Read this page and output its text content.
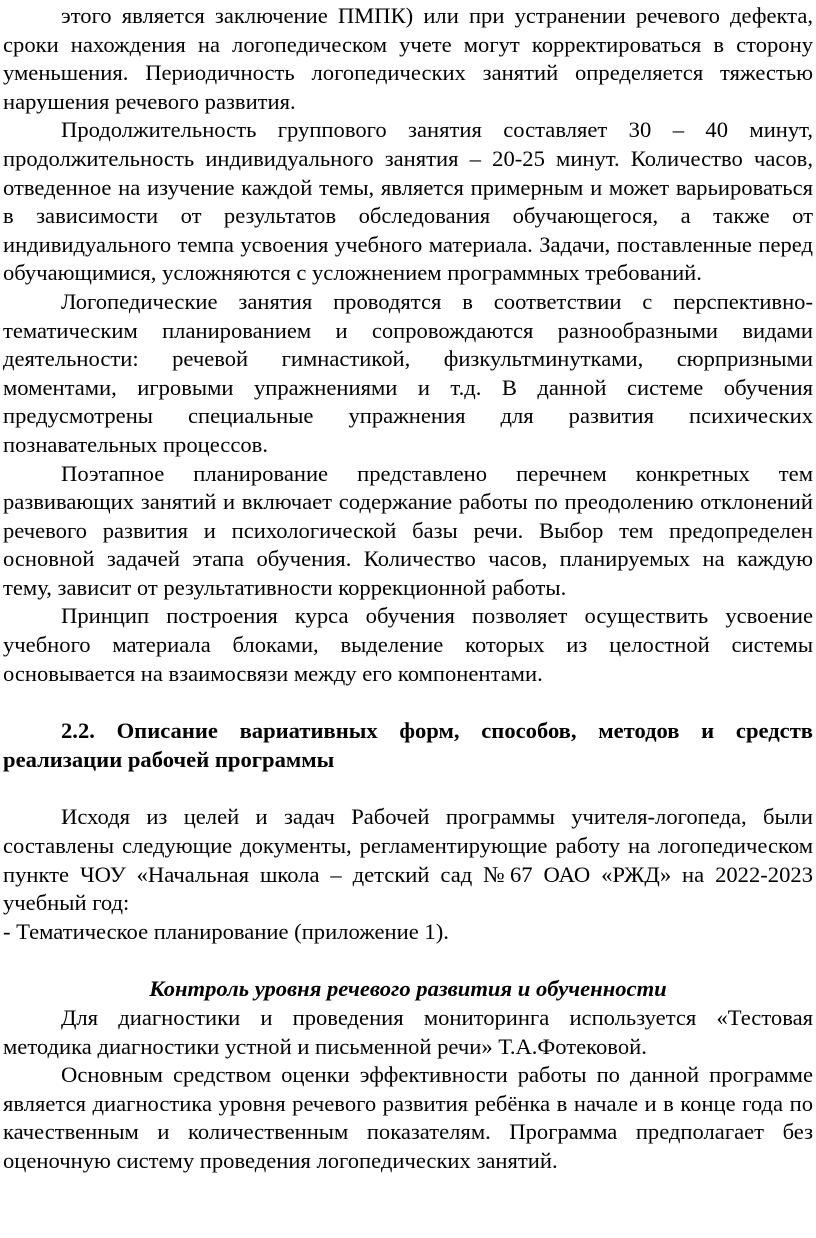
этого является заключение ПМПК) или при устранении речевого дефекта, сроки нахождения на логопедическом учете могут корректироваться в сторону уменьшения. Периодичность логопедических занятий определяется тяжестью нарушения речевого развития.

Продолжительность группового занятия составляет 30 – 40 минут, продолжительность индивидуального занятия – 20-25 минут. Количество часов, отведенное на изучение каждой темы, является примерным и может варьироваться в зависимости от результатов обследования обучающегося, а также от индивидуального темпа усвоения учебного материала. Задачи, поставленные перед обучающимися, усложняются с усложнением программных требований.

Логопедические занятия проводятся в соответствии с перспективно-тематическим планированием и сопровождаются разнообразными видами деятельности: речевой гимнастикой, физкультминутками, сюрпризными моментами, игровыми упражнениями и т.д. В данной системе обучения предусмотрены специальные упражнения для развития психических познавательных процессов.

Поэтапное планирование представлено перечнем конкретных тем развивающих занятий и включает содержание работы по преодолению отклонений речевого развития и психологической базы речи. Выбор тем предопределен основной задачей этапа обучения. Количество часов, планируемых на каждую тему, зависит от результативности коррекционной работы.

Принцип построения курса обучения позволяет осуществить усвоение учебного материала блоками, выделение которых из целостной системы основывается на взаимосвязи между его компонентами.

2.2. Описание вариативных форм, способов, методов и средств реализации рабочей программы

Исходя из целей и задач Рабочей программы учителя-логопеда, были составлены следующие документы, регламентирующие работу на логопедическом пункте ЧОУ «Начальная школа – детский сад №67 ОАО «РЖД» на 2022-2023 учебный год:

- Тематическое планирование (приложение 1).

Контроль уровня речевого развития и обученности

Для диагностики и проведения мониторинга используется «Тестовая методика диагностики устной и письменной речи» Т.А.Фотековой.

Основным средством оценки эффективности работы по данной программе является диагностика уровня речевого развития ребёнка в начале и в конце года по качественным и количественным показателям. Программа предполагает без оценочную систему проведения логопедических занятий.
